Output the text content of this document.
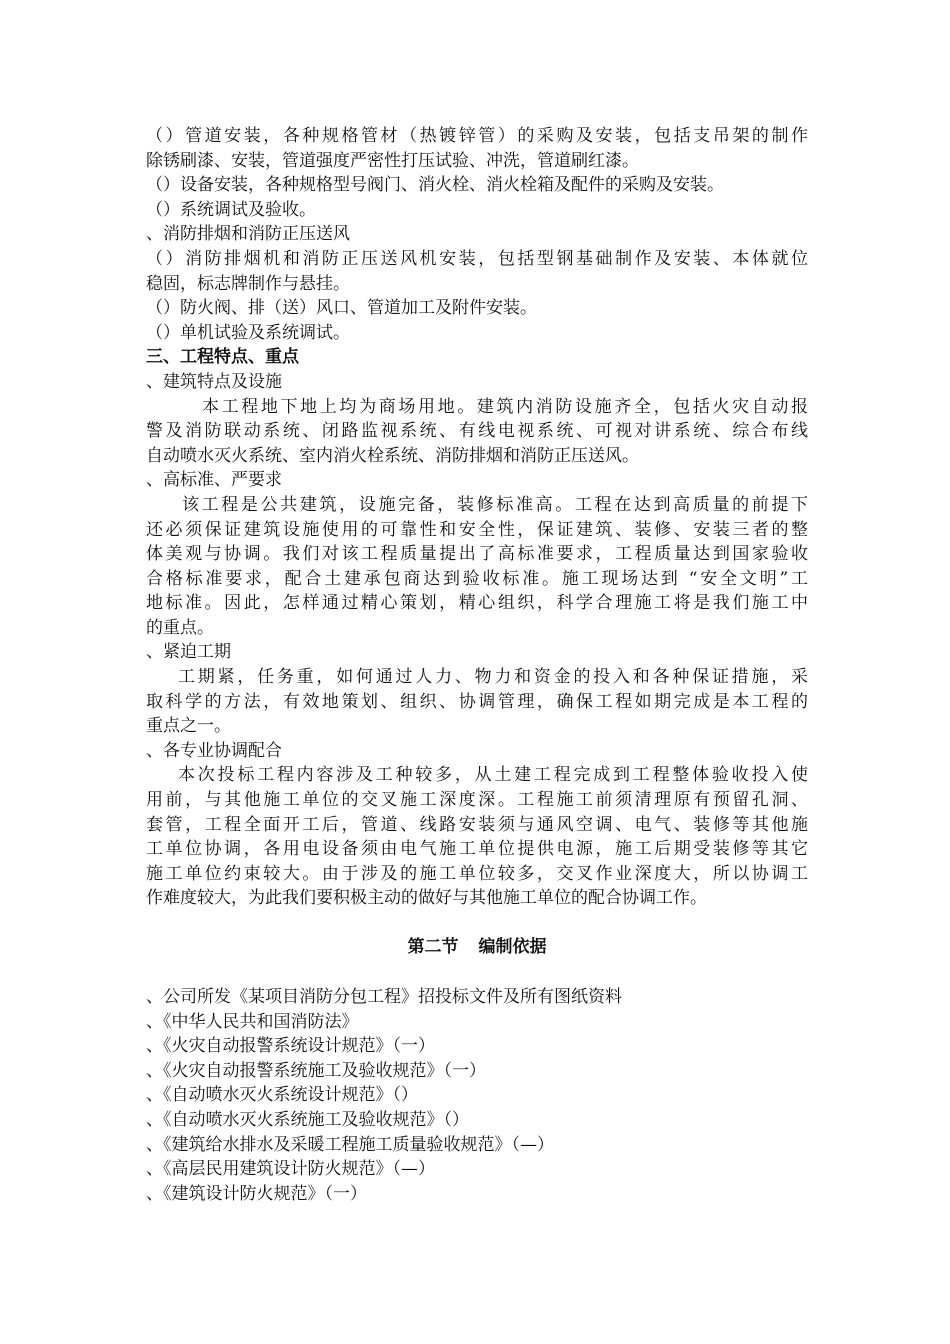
（）管道安装，各种规格管材（热镀锌管）的采购及安装，包括支吊架的制作
除锈刷漆、安装，管道强度严密性打压试验、冲洗，管道刷红漆。
（）设备安装，各种规格型号阀门、消火栓、消火栓箱及配件的采购及安装。
（）系统调试及验收。
、消防排烟和消防正压送风
（）消防排烟机和消防正压送风机安装，包括型钢基础制作及安装、本体就位
稳固，标志牌制作与悬挂。
（）防火阀、排（送）风口、管道加工及附件安装。
（）单机试验及系统调试。
三、工程特点、重点
、建筑特点及设施
本工程地下地上均为商场用地。建筑内消防设施齐全，包括火灾自动报
警及消防联动系统、闭路监视系统、有线电视系统、可视对讲系统、综合布线
自动喷水灭火系统、室内消火栓系统、消防排烟和消防正压送风。
、高标准、严要求
该工程是公共建筑，设施完备，装修标准高。工程在达到高质量的前提下
还必须保证建筑设施使用的可靠性和安全性，保证建筑、装修、安装三者的整
体美观与协调。我们对该工程质量提出了高标准要求，工程质量达到国家验收
合格标准要求，配合土建承包商达到验收标准。施工现场达到 “安全文明”工
地标准。因此，怎样通过精心策划，精心组织，科学合理施工将是我们施工中
的重点。
、紧迫工期
工期紧，任务重，如何通过人力、物力和资金的投入和各种保证措施，采
取科学的方法，有效地策划、组织、协调管理，确保工程如期完成是本工程的
重点之一。
、各专业协调配合
本次投标工程内容涉及工种较多，从土建工程完成到工程整体验收投入使
用前，与其他施工单位的交叉施工深度深。工程施工前须清理原有预留孔洞、
套管，工程全面开工后，管道、线路安装须与通风空调、电气、装修等其他施
工单位协调，各用电设备须由电气施工单位提供电源，施工后期受装修等其它
施工单位约束较大。由于涉及的施工单位较多，交叉作业深度大，所以协调工
作难度较大，为此我们要积极主动的做好与其他施工单位的配合协调工作。
第二节 编制依据
、公司所发《某项目消防分包工程》招投标文件及所有图纸资料
、《中华人民共和国消防法》
、《火灾自动报警系统设计规范》（一）
、《火灾自动报警系统施工及验收规范》（一）
、《自动喷水灭火系统设计规范》（）
、《自动喷水灭火系统施工及验收规范》（）
、《建筑给水排水及采暖工程施工质量验收规范》（—）
、《高层民用建筑设计防火规范》（—）
、《建筑设计防火规范》（一）
